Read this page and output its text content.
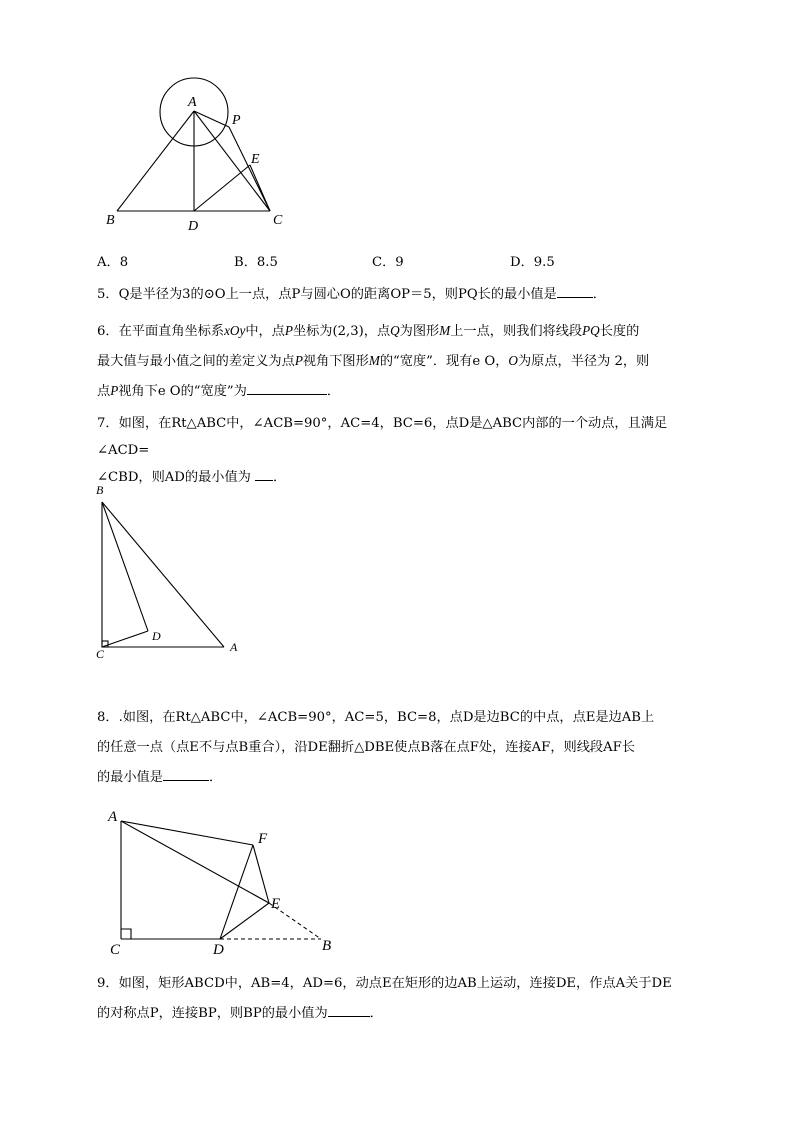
A
P
E
B	D	C
A．8	B．8.5	C．9	D．9.5
5．Q是半径为3的⊙O上一点，点P与圆心O的距离OP＝5，则PQ长的最小值是	．
6．在平面直角坐标系xOy中，点P坐标为(2,3)，点Q为图形M上一点，则我们将线段PQ长度的
最大值与最小值之间的差定义为点P视角下图形M的“宽度”．现有e O，O为原点，半径为 2，则
点P视角下e O的“宽度”为	．
7．如图，在Rt△ABC中，∠ACB=90°，AC=4，BC=6，点D是△ABC内部的一个动点，且满足∠ACD=
∠CBD，则AD的最小值为 ．
B
D
C	A
8．.如图，在Rt△ABC中，∠ACB=90°，AC=5，BC=8，点D是边BC的中点，点E是边AB上
的任意一点（点E不与点B重合），沿DE翻折△DBE使点B落在点F处，连接AF，则线段AF长
的最小值是	．
A
F
E
C	D	B
9．如图，矩形ABCD中，AB=4，AD=6，动点E在矩形的边AB上运动，连接DE，作点A关于DE
的对称点P，连接BP，则BP的最小值为	．
